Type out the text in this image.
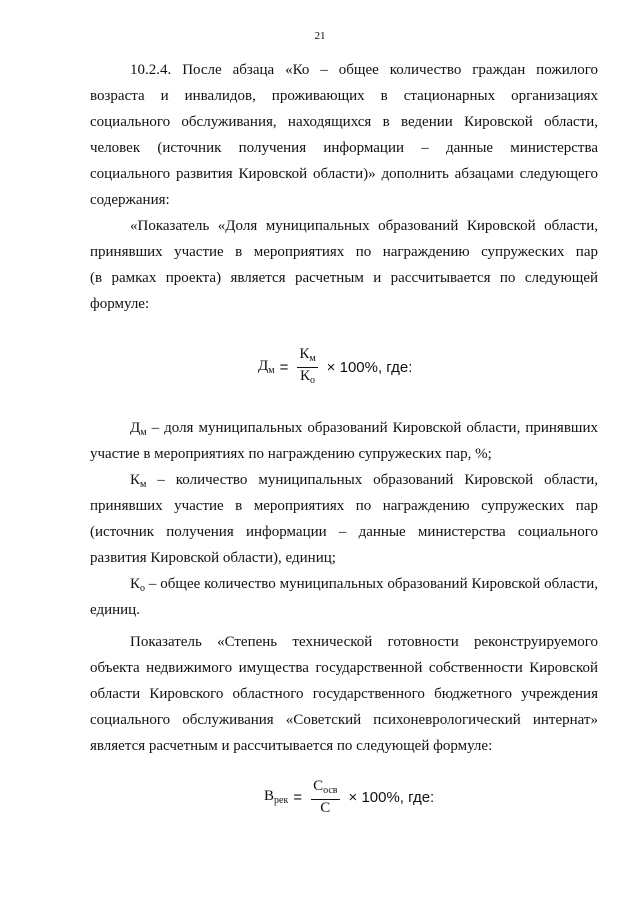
21
10.2.4. После абзаца «Ко – общее количество граждан пожилого
возраста и инвалидов, проживающих в стационарных организациях
социального обслуживания, находящихся в ведении Кировской области,
человек (источник получения информации – данные министерства
социального развития Кировской области)» дополнить абзацами следующего
содержания:
«Показатель «Доля муниципальных образований Кировской области,
принявших участие в мероприятиях по награждению супружеских пар
(в рамках проекта) является расчетным и рассчитывается по следующей
формуле:
$Д_м = \frac{К_м}{К_о} \times 100\%$, где:
$Д_м$ – доля муниципальных образований Кировской области, принявших
участие в мероприятиях по награждению супружеских пар, %;
$К_м$ – количество муниципальных образований Кировской области,
принявших участие в мероприятиях по награждению супружеских пар
(источник получения информации – данные министерства социального
развития Кировской области), единиц;
$К_о$ – общее количество муниципальных образований Кировской области,
единиц.
Показатель «Степень технической готовности реконструируемого
объекта недвижимого имущества государственной собственности Кировской
области Кировского областного государственного бюджетного учреждения
социального обслуживания «Советский психоневрологический интернат»
является расчетным и рассчитывается по следующей формуле:
$В_{рек} = \frac{С_{осв}}{С} \times 100\%$, где:
